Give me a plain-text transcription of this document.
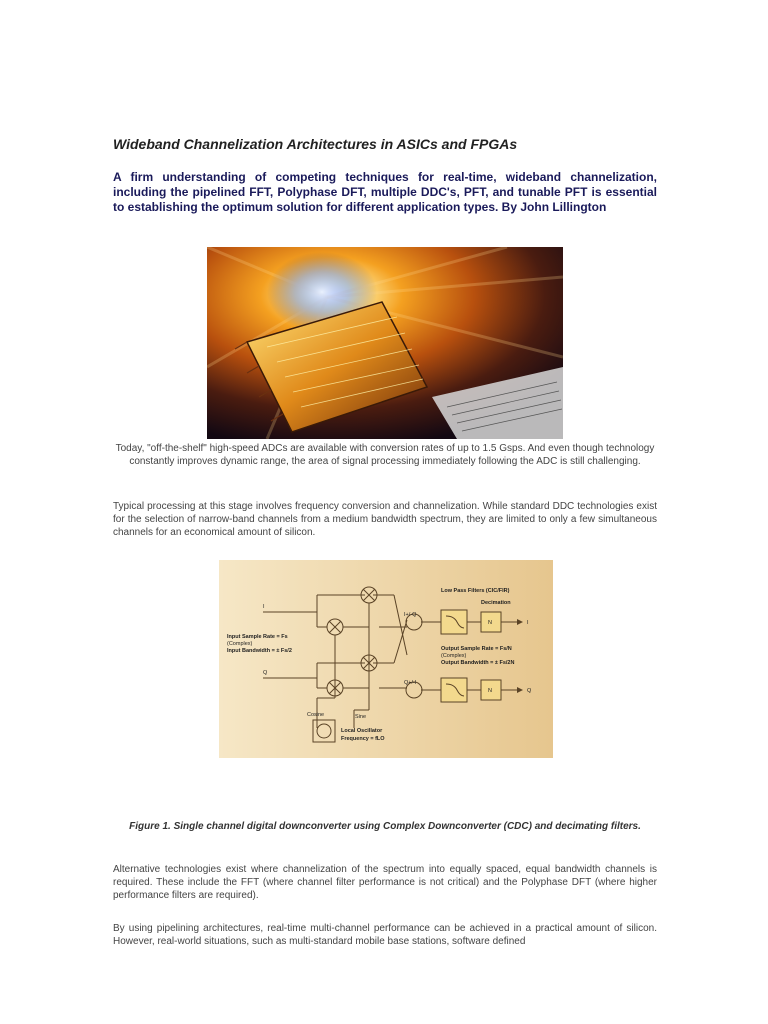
Wideband Channelization Architectures in ASICs and FPGAs

A firm understanding of competing techniques for real-time, wideband channelization, including the pipelined FFT, Polyphase DFT, multiple DDC's, PFT, and tunable PFT is essential to establishing the optimum solution for different application types. By John Lillington

Today, "off-the-shelf" high-speed ADCs are available with conversion rates of up to 1.5 Gsps. And even though technology constantly improves dynamic range, the area of signal processing immediately following the ADC is still challenging.

Typical processing at this stage involves frequency conversion and channelization. While standard DDC technologies exist for the selection of narrow-band channels from a medium bandwidth spectrum, they are limited to only a few simultaneous channels for an economical amount of silicon.

I
Q
Input Sample Rate = Fs
(Complex)
Input Bandwidth = ± Fs/2
Low Pass Filters (CIC/FIR)
Decimation
Output Sample Rate = Fs/N
(Complex)
Output Bandwidth = ± Fs/2N
Cosine	Sine
Local Oscillator
Frequency = fLO
I+/-Q
Q+/-I
N
N
I
Q

Figure 1. Single channel digital downconverter using Complex Downconverter (CDC) and decimating filters.

Alternative technologies exist where channelization of the spectrum into equally spaced, equal bandwidth channels is required. These include the FFT (where channel filter performance is not critical) and the Polyphase DFT (where higher performance filters are required).

By using pipelining architectures, real-time multi-channel performance can be achieved in a practical amount of silicon. However, real-world situations, such as multi-standard mobile base stations, software defined
